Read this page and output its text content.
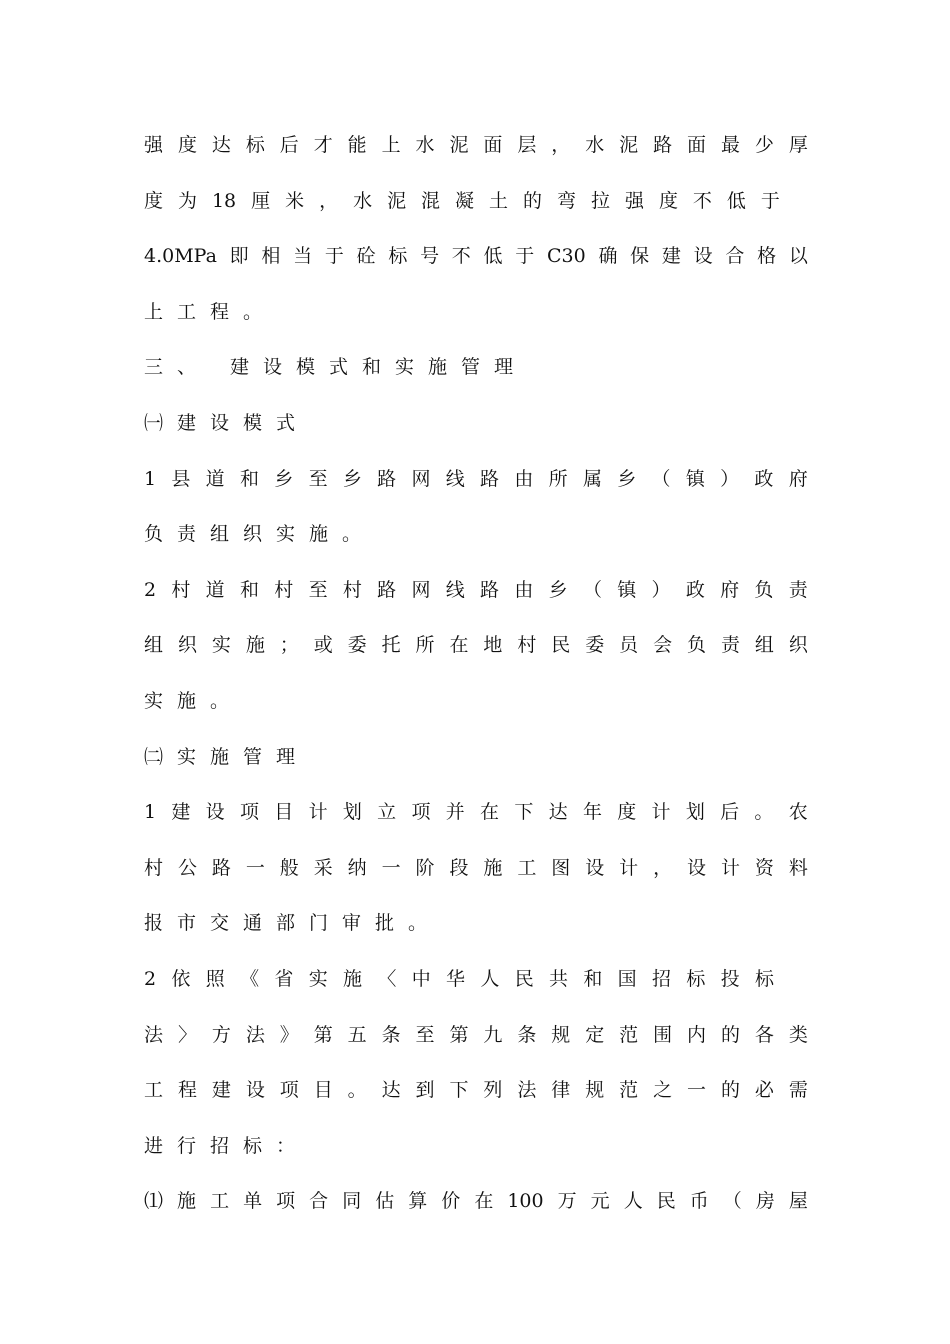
强 度 达 标 后 才 能 上 水 泥 面 层 ， 水 泥 路 面 最 少 厚
度 为 18 厘 米 ， 水 泥 混 凝 土 的 弯 拉 强 度 不 低 于
4.0MPa 即 相 当 于 砼 标 号 不 低 于 C30 确 保 建 设 合 格 以
上工程。
三、 建设模式和实施管理
㈠建设模式
1 县 道 和 乡 至 乡 路 网 线 路 由 所 属 乡 （ 镇 ） 政 府
负责组织实施。
2 村 道 和 村 至 村 路 网 线 路 由 乡 （ 镇 ） 政 府 负 责
组 织 实 施 ； 或 委 托 所 在 地 村 民 委 员 会 负 责 组 织
实施。
㈡实施管理
1 建 设 项 目 计 划 立 项 并 在 下 达 年 度 计 划 后 。 农
村 公 路 一 般 采 纳 一 阶 段 施 工 图 设 计 ， 设 计 资 料
报市交通部门审批。
2 依 照 《 省 实 施 〈 中 华 人 民 共 和 国 招 标 投 标
法 〉 方 法 》 第 五 条 至 第 九 条 规 定 范 围 内 的 各 类
工 程 建 设 项 目 。 达 到 下 列 法 律 规 范 之 一 的 必 需
进行招标：
⑴ 施 工 单 项 合 同 估 算 价 在 100 万 元 人 民 币 （ 房 屋
